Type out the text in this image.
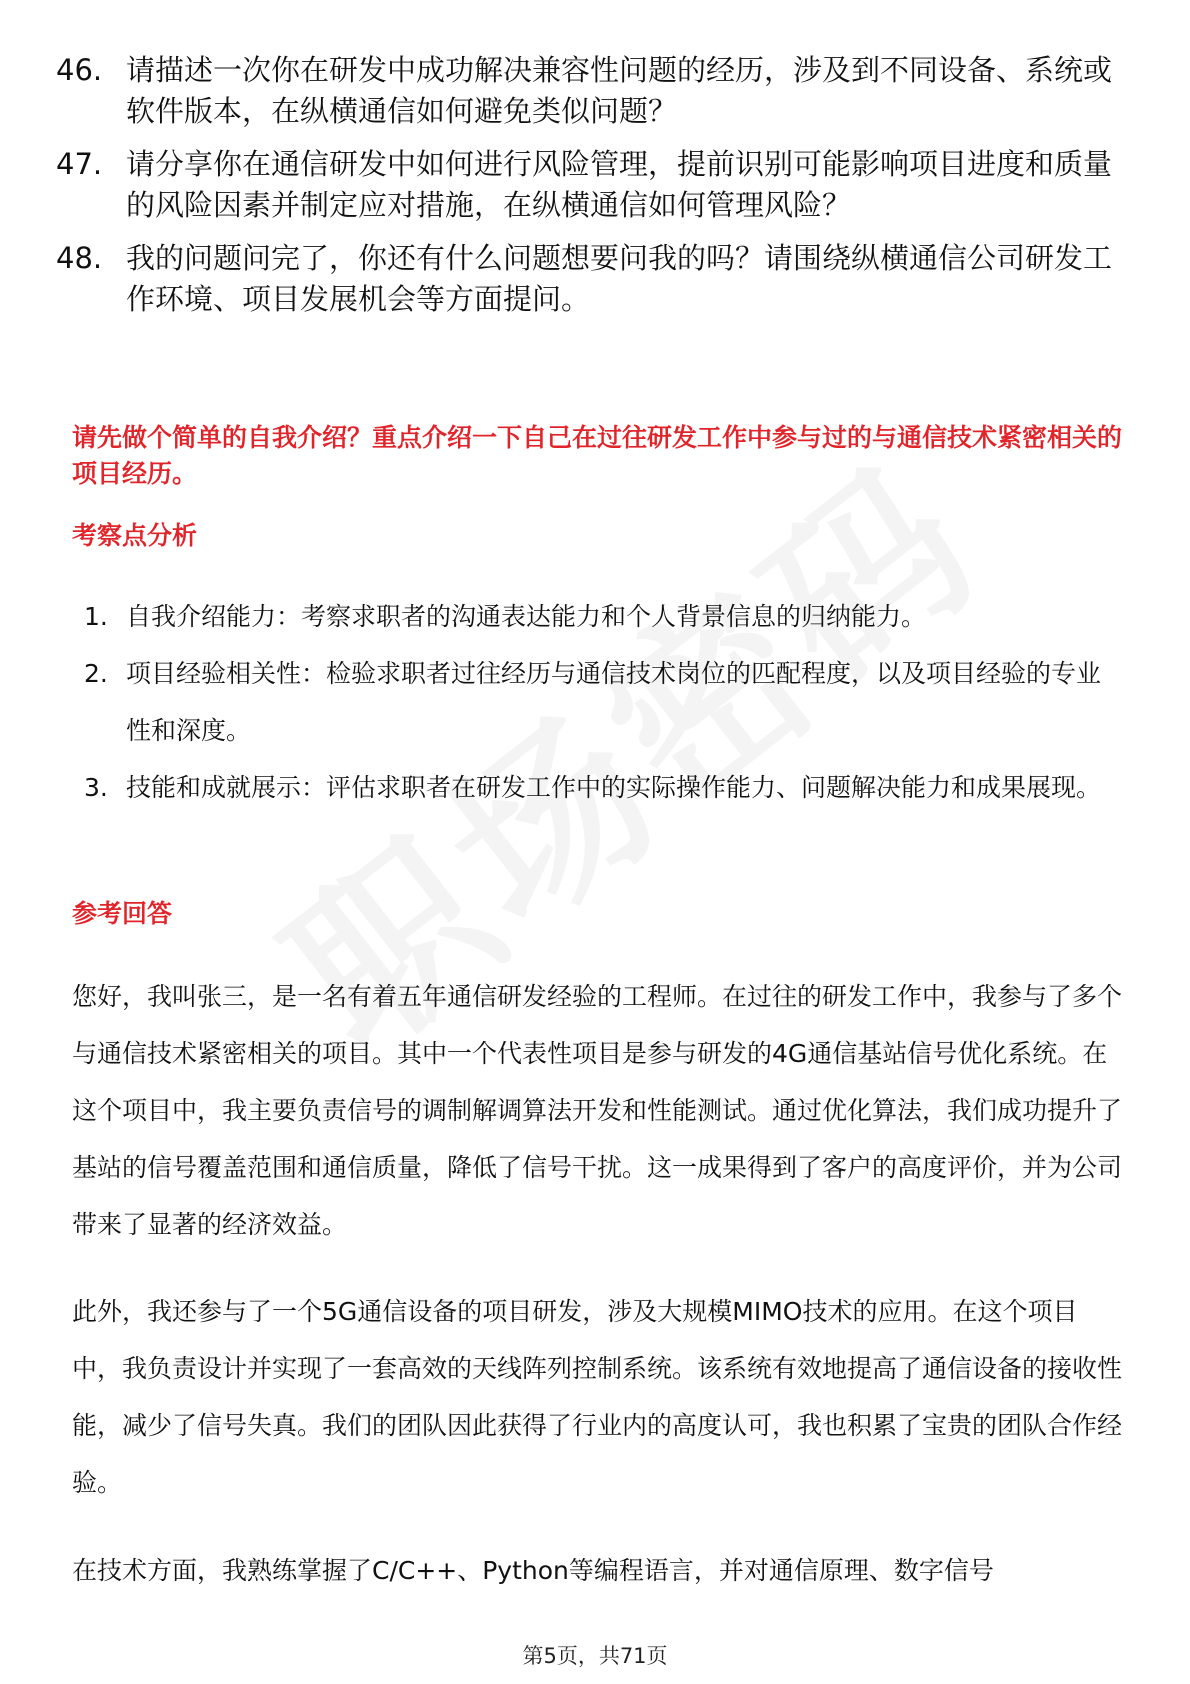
46. 请描述一次你在研发中成功解决兼容性问题的经历，涉及到不同设备、系统或软件版本，在纵横通信如何避免类似问题？
47. 请分享你在通信研发中如何进行风险管理，提前识别可能影响项目进度和质量的风险因素并制定应对措施，在纵横通信如何管理风险？
48. 我的问题问完了，你还有什么问题想要问我的吗？请围绕纵横通信公司研发工作环境、项目发展机会等方面提问。
请先做个简单的自我介绍？重点介绍一下自己在过往研发工作中参与过的与通信技术紧密相关的项目经历。
考察点分析
1. 自我介绍能力：考察求职者的沟通表达能力和个人背景信息的归纳能力。
2. 项目经验相关性：检验求职者过往经历与通信技术岗位的匹配程度，以及项目经验的专业性和深度。
3. 技能和成就展示：评估求职者在研发工作中的实际操作能力、问题解决能力和成果展现。
参考回答
您好，我叫张三，是一名有着五年通信研发经验的工程师。在过往的研发工作中，我参与了多个与通信技术紧密相关的项目。其中一个代表性项目是参与研发的4G通信基站信号优化系统。在这个项目中，我主要负责信号的调制解调算法开发和性能测试。通过优化算法，我们成功提升了基站的信号覆盖范围和通信质量，降低了信号干扰。这一成果得到了客户的高度评价，并为公司带来了显著的经济效益。
此外，我还参与了一个5G通信设备的项目研发，涉及大规模MIMO技术的应用。在这个项目中，我负责设计并实现了一套高效的天线阵列控制系统。该系统有效地提高了通信设备的接收性能，减少了信号失真。我们的团队因此获得了行业内的高度认可，我也积累了宝贵的团队合作经验。
在技术方面，我熟练掌握了C/C++、Python等编程语言，并对通信原理、数字信号
第5页，共71页
